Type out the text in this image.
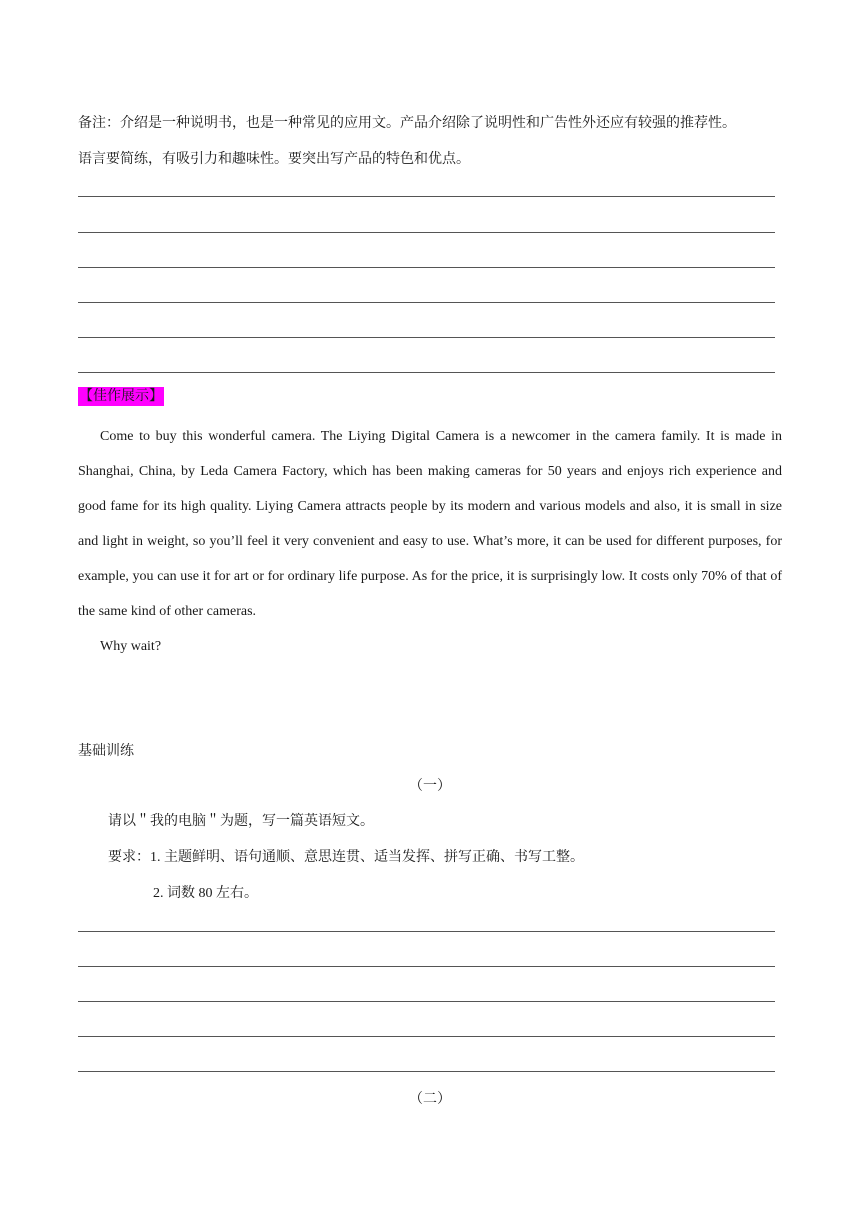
备注：介绍是一种说明书，也是一种常见的应用文。产品介绍除了说明性和广告性外还应有较强的推荐性。
语言要简练，有吸引力和趣味性。要突出写产品的特色和优点。
【佳作展示】

Come to buy this wonderful camera. The Liying Digital Camera is a newcomer in the camera family. It is made in Shanghai, China, by Leda Camera Factory, which has been making cameras for 50 years and enjoys rich experience and good fame for its high quality. Liying Camera attracts people by its modern and various models and also, it is small in size and light in weight, so you’ll feel it very convenient and easy to use. What’s more, it can be used for different purposes, for example, you can use it for art or for ordinary life purpose. As for the price, it is surprisingly low. It costs only 70% of that of the same kind of other cameras.

Why wait?
基础训练
（一）
请以＂我的电脑＂为题，写一篇英语短文。
要求：1. 主题鲜明、语句通顺、意思连贯、适当发挥、拼写正确、书写工整。
2. 词数 80 左右。
（二）
